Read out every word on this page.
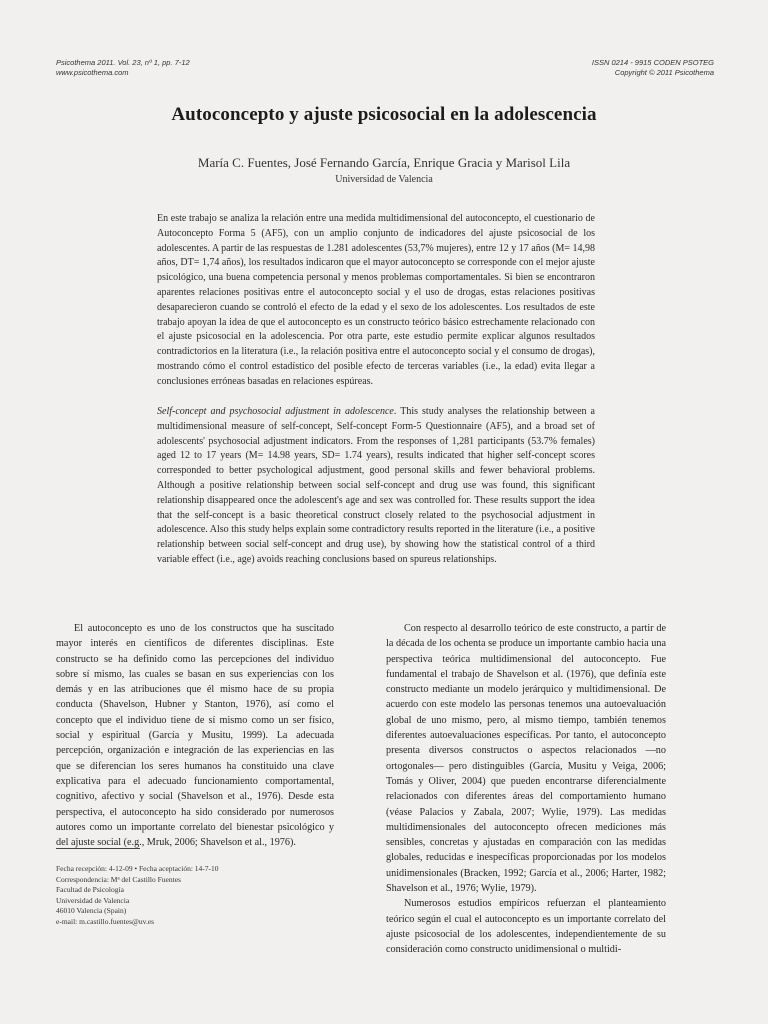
Psicothema 2011. Vol. 23, nº 1, pp. 7-12
www.psicothema.com
ISSN 0214 - 9915 CODEN PSOTEG
Copyright © 2011 Psicothema
Autoconcepto y ajuste psicosocial en la adolescencia
María C. Fuentes, José Fernando García, Enrique Gracia y Marisol Lila
Universidad de Valencia

En este trabajo se analiza la relación entre una medida multidimensional del autoconcepto, el cuestionario de Autoconcepto Forma 5 (AF5), con un amplio conjunto de indicadores del ajuste psicosocial de los adolescentes. A partir de las respuestas de 1.281 adolescentes (53,7% mujeres), entre 12 y 17 años (M= 14,98 años, DT= 1,74 años), los resultados indicaron que el mayor autoconcepto se corresponde con el mejor ajuste psicológico, una buena competencia personal y menos problemas comportamentales. Si bien se encontraron aparentes relaciones positivas entre el autoconcepto social y el uso de drogas, estas relaciones positivas desaparecieron cuando se controló el efecto de la edad y el sexo de los adolescentes. Los resultados de este trabajo apoyan la idea de que el autoconcepto es un constructo teórico básico estrechamente relacionado con el ajuste psicosocial en la adolescencia. Por otra parte, este estudio permite explicar algunos resultados contradictorios en la literatura (i.e., la relación positiva entre el autoconcepto social y el consumo de drogas), mostrando cómo el control estadístico del posible efecto de terceras variables (i.e., la edad) evita llegar a conclusiones erróneas basadas en relaciones espúreas.

Self-concept and psychosocial adjustment in adolescence. This study analyses the relationship between a multidimensional measure of self-concept, Self-concept Form-5 Questionnaire (AF5), and a broad set of adolescents' psychosocial adjustment indicators. From the responses of 1,281 participants (53.7% females) aged 12 to 17 years (M= 14.98 years, SD= 1.74 years), results indicated that higher self-concept scores corresponded to better psychological adjustment, good personal skills and fewer behavioral problems. Although a positive relationship between social self-concept and drug use was found, this significant relationship disappeared once the adolescent's age and sex was controlled for. These results support the idea that the self-concept is a basic theoretical construct closely related to the psychosocial adjustment in adolescence. Also this study helps explain some contradictory results reported in the literature (i.e., a positive relationship between social self-concept and drug use), by showing how the statistical control of a third variable effect (i.e., age) avoids reaching conclusions based on spureus relationships.

El autoconcepto es uno de los constructos que ha suscitado mayor interés en científicos de diferentes disciplinas. Este constructo se ha definido como las percepciones del individuo sobre sí mismo, las cuales se basan en sus experiencias con los demás y en las atribuciones que él mismo hace de su propia conducta (Shavelson, Hubner y Stanton, 1976), así como el concepto que el individuo tiene de sí mismo como un ser físico, social y espiritual (García y Musitu, 1999). La adecuada percepción, organización e integración de las experiencias en las que se diferencian los seres humanos ha constituido una clave explicativa para el adecuado funcionamiento comportamental, cognitivo, afectivo y social (Shavelson et al., 1976). Desde esta perspectiva, el autoconcepto ha sido considerado por numerosos autores como un importante correlato del bienestar psicológico y del ajuste social (e.g., Mruk, 2006; Shavelson et al., 1976).

Con respecto al desarrollo teórico de este constructo, a partir de la década de los ochenta se produce un importante cambio hacia una perspectiva teórica multidimensional del autoconcepto. Fue fundamental el trabajo de Shavelson et al. (1976), que definía este constructo mediante un modelo jerárquico y multidimensional. De acuerdo con este modelo las personas tenemos una autoevaluación global de uno mismo, pero, al mismo tiempo, también tenemos diferentes autoevaluaciones específicas. Por tanto, el autoconcepto presenta diversos constructos o aspectos relacionados —no ortogonales— pero distinguibles (García, Musitu y Veiga, 2006; Tomás y Oliver, 2004) que pueden encontrarse diferencialmente relacionados con diferentes áreas del comportamiento humano (véase Palacios y Zabala, 2007; Wylie, 1979). Las medidas multidimensionales del autoconcepto ofrecen mediciones más sensibles, concretas y ajustadas en comparación con las medidas globales, reducidas e inespecíficas proporcionadas por los modelos unidimensionales (Bracken, 1992; García et al., 2006; Harter, 1982; Shavelson et al., 1976; Wylie, 1979).

Numerosos estudios empíricos refuerzan el planteamiento teórico según el cual el autoconcepto es un importante correlato del ajuste psicosocial de los adolescentes, independientemente de su consideración como constructo unidimensional o multidi-

Fecha recepción: 4-12-09 • Fecha aceptación: 14-7-10
Correspondencia: Mª del Castillo Fuentes
Facultad de Psicología
Universidad de Valencia
46010 Valencia (Spain)
e-mail: m.castillo.fuentes@uv.es
